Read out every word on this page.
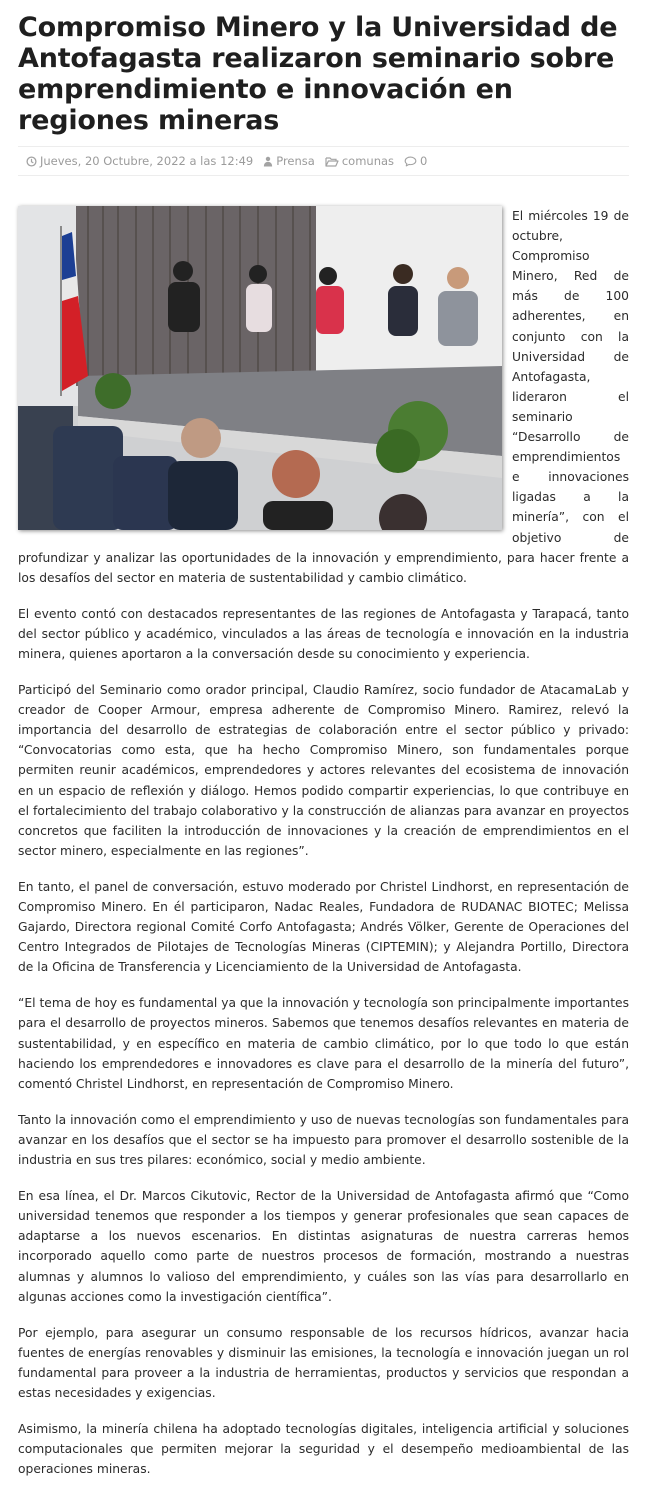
Compromiso Minero y la Universidad de Antofagasta realizaron seminario sobre emprendimiento e innovación en regiones mineras
Jueves, 20 Octubre, 2022 a las 12:49 Prensa comunas 0

El miércoles 19 de octubre, Compromiso Minero, Red de más de 100 adherentes, en conjunto con la Universidad de Antofagasta, lideraron el seminario “Desarrollo de emprendimientos e innovaciones ligadas a la minería”, con el objetivo de profundizar y analizar las oportunidades de la innovación y emprendimiento, para hacer frente a los desafíos del sector en materia de sustentabilidad y cambio climático.

El evento contó con destacados representantes de las regiones de Antofagasta y Tarapacá, tanto del sector público y académico, vinculados a las áreas de tecnología e innovación en la industria minera, quienes aportaron a la conversación desde su conocimiento y experiencia.

Participó del Seminario como orador principal, Claudio Ramírez, socio fundador de AtacamaLab y creador de Cooper Armour, empresa adherente de Compromiso Minero. Ramirez, relevó la importancia del desarrollo de estrategias de colaboración entre el sector público y privado: “Convocatorias como esta, que ha hecho Compromiso Minero, son fundamentales porque permiten reunir académicos, emprendedores y actores relevantes del ecosistema de innovación en un espacio de reflexión y diálogo. Hemos podido compartir experiencias, lo que contribuye en el fortalecimiento del trabajo colaborativo y la construcción de alianzas para avanzar en proyectos concretos que faciliten la introducción de innovaciones y la creación de emprendimientos en el sector minero, especialmente en las regiones”.

En tanto, el panel de conversación, estuvo moderado por Christel Lindhorst, en representación de Compromiso Minero. En él participaron, Nadac Reales, Fundadora de RUDANAC BIOTEC; Melissa Gajardo, Directora regional Comité Corfo Antofagasta; Andrés Völker, Gerente de Operaciones del Centro Integrados de Pilotajes de Tecnologías Mineras (CIPTEMIN); y Alejandra Portillo, Directora de la Oficina de Transferencia y Licenciamiento de la Universidad de Antofagasta.

“El tema de hoy es fundamental ya que la innovación y tecnología son principalmente importantes para el desarrollo de proyectos mineros. Sabemos que tenemos desafíos relevantes en materia de sustentabilidad, y en específico en materia de cambio climático, por lo que todo lo que están haciendo los emprendedores e innovadores es clave para el desarrollo de la minería del futuro”, comentó Christel Lindhorst, en representación de Compromiso Minero.

Tanto la innovación como el emprendimiento y uso de nuevas tecnologías son fundamentales para avanzar en los desafíos que el sector se ha impuesto para promover el desarrollo sostenible de la industria en sus tres pilares: económico, social y medio ambiente.

En esa línea, el Dr. Marcos Cikutovic, Rector de la Universidad de Antofagasta afirmó que “Como universidad tenemos que responder a los tiempos y generar profesionales que sean capaces de adaptarse a los nuevos escenarios. En distintas asignaturas de nuestra carreras hemos incorporado aquello como parte de nuestros procesos de formación, mostrando a nuestras alumnas y alumnos lo valioso del emprendimiento, y cuáles son las vías para desarrollarlo en algunas acciones como la investigación científica”.

Por ejemplo, para asegurar un consumo responsable de los recursos hídricos, avanzar hacia fuentes de energías renovables y disminuir las emisiones, la tecnología e innovación juegan un rol fundamental para proveer a la industria de herramientas, productos y servicios que respondan a estas necesidades y exigencias.

Asimismo, la minería chilena ha adoptado tecnologías digitales, inteligencia artificial y soluciones computacionales que permiten mejorar la seguridad y el desempeño medioambiental de las operaciones mineras.
